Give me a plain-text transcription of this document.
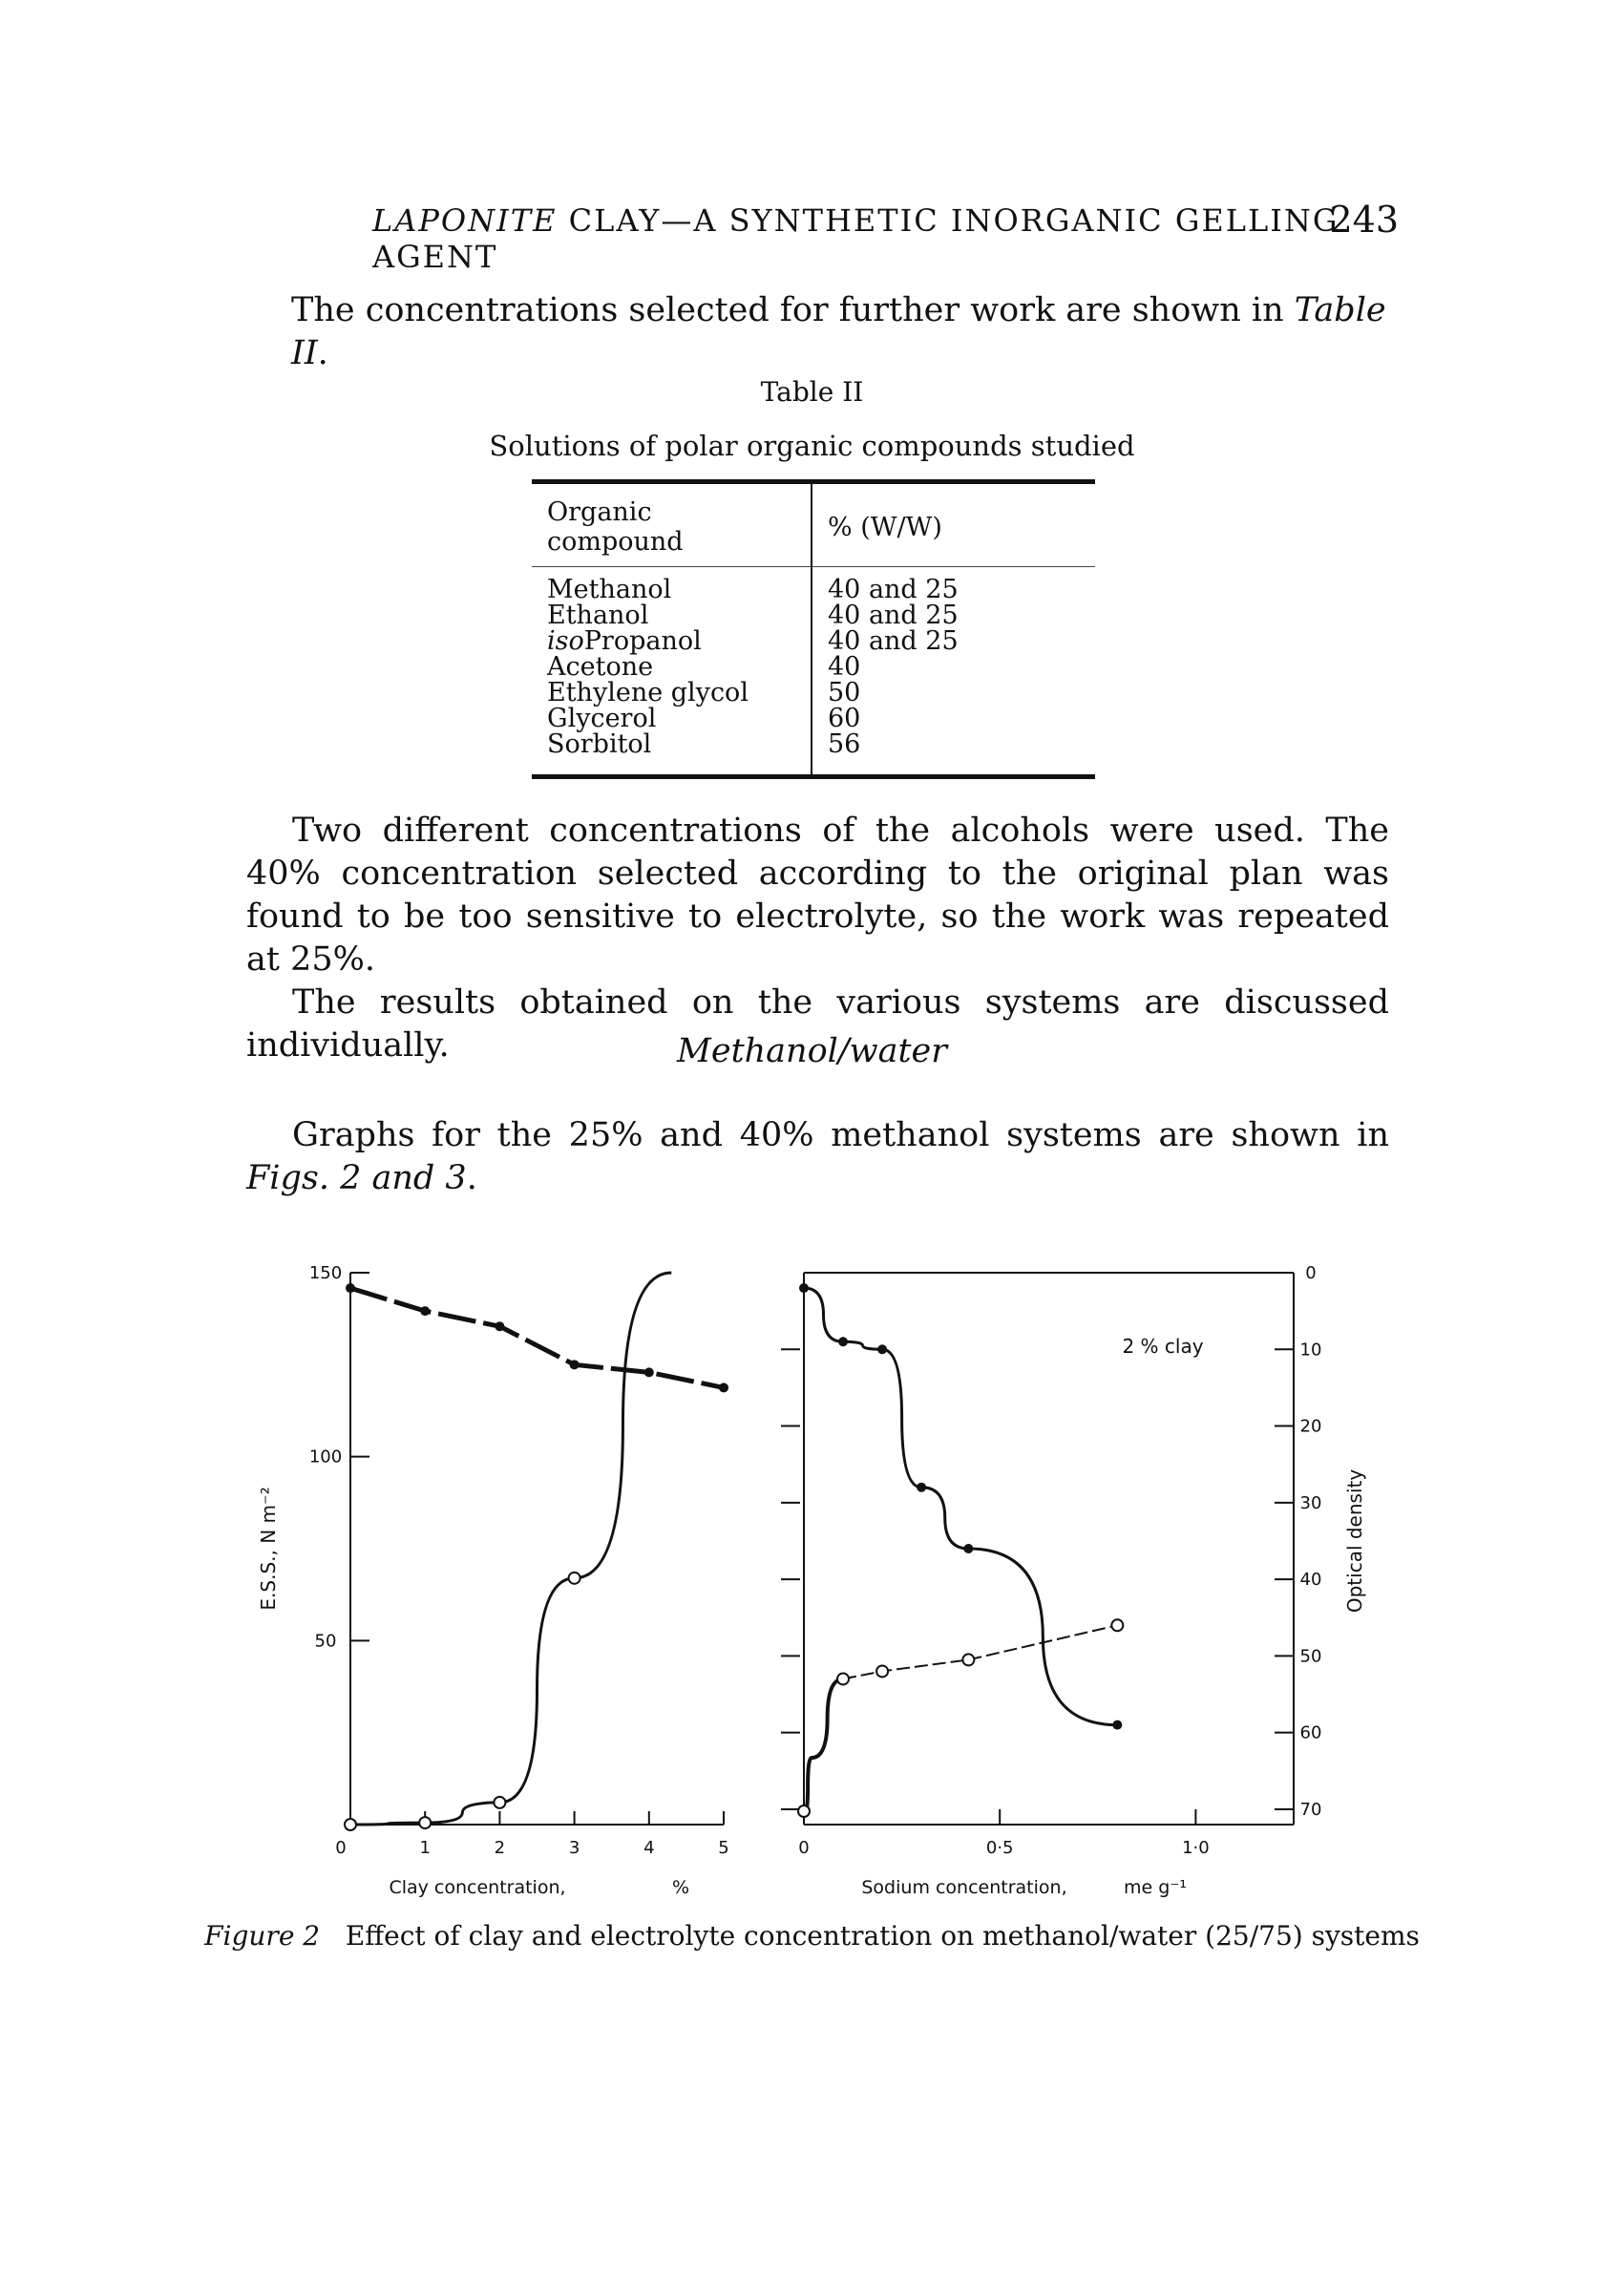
LAPONITE CLAY—A SYNTHETIC INORGANIC GELLING AGENT
243
The concentrations selected for further work are shown in Table II.
Table II
Solutions of polar organic compounds studied
Organic compound	% (W/W)
Methanol	40 and 25
Ethanol	40 and 25
isoPropanol	40 and 25
Acetone	40
Ethylene glycol	50
Glycerol	60
Sorbitol	56
Two different concentrations of the alcohols were used. The 40% concentration selected according to the original plan was found to be too sensitive to electrolyte, so the work was repeated at 25%.
The results obtained on the various systems are discussed individually.	Methanol/water
Graphs for the 25% and 40% methanol systems are shown in Figs. 2 and 3.
0	1	2	3	4	5
50
100
150
E.S.S., N m⁻²
Clay concentration,	%
0	0·5	1·0
0
10
20
30
40
50
60
70
Optical density
2 % clay
Sodium concentration,	me g⁻¹
Figure 2 Effect of clay and electrolyte concentration on methanol/water (25/75) systems
